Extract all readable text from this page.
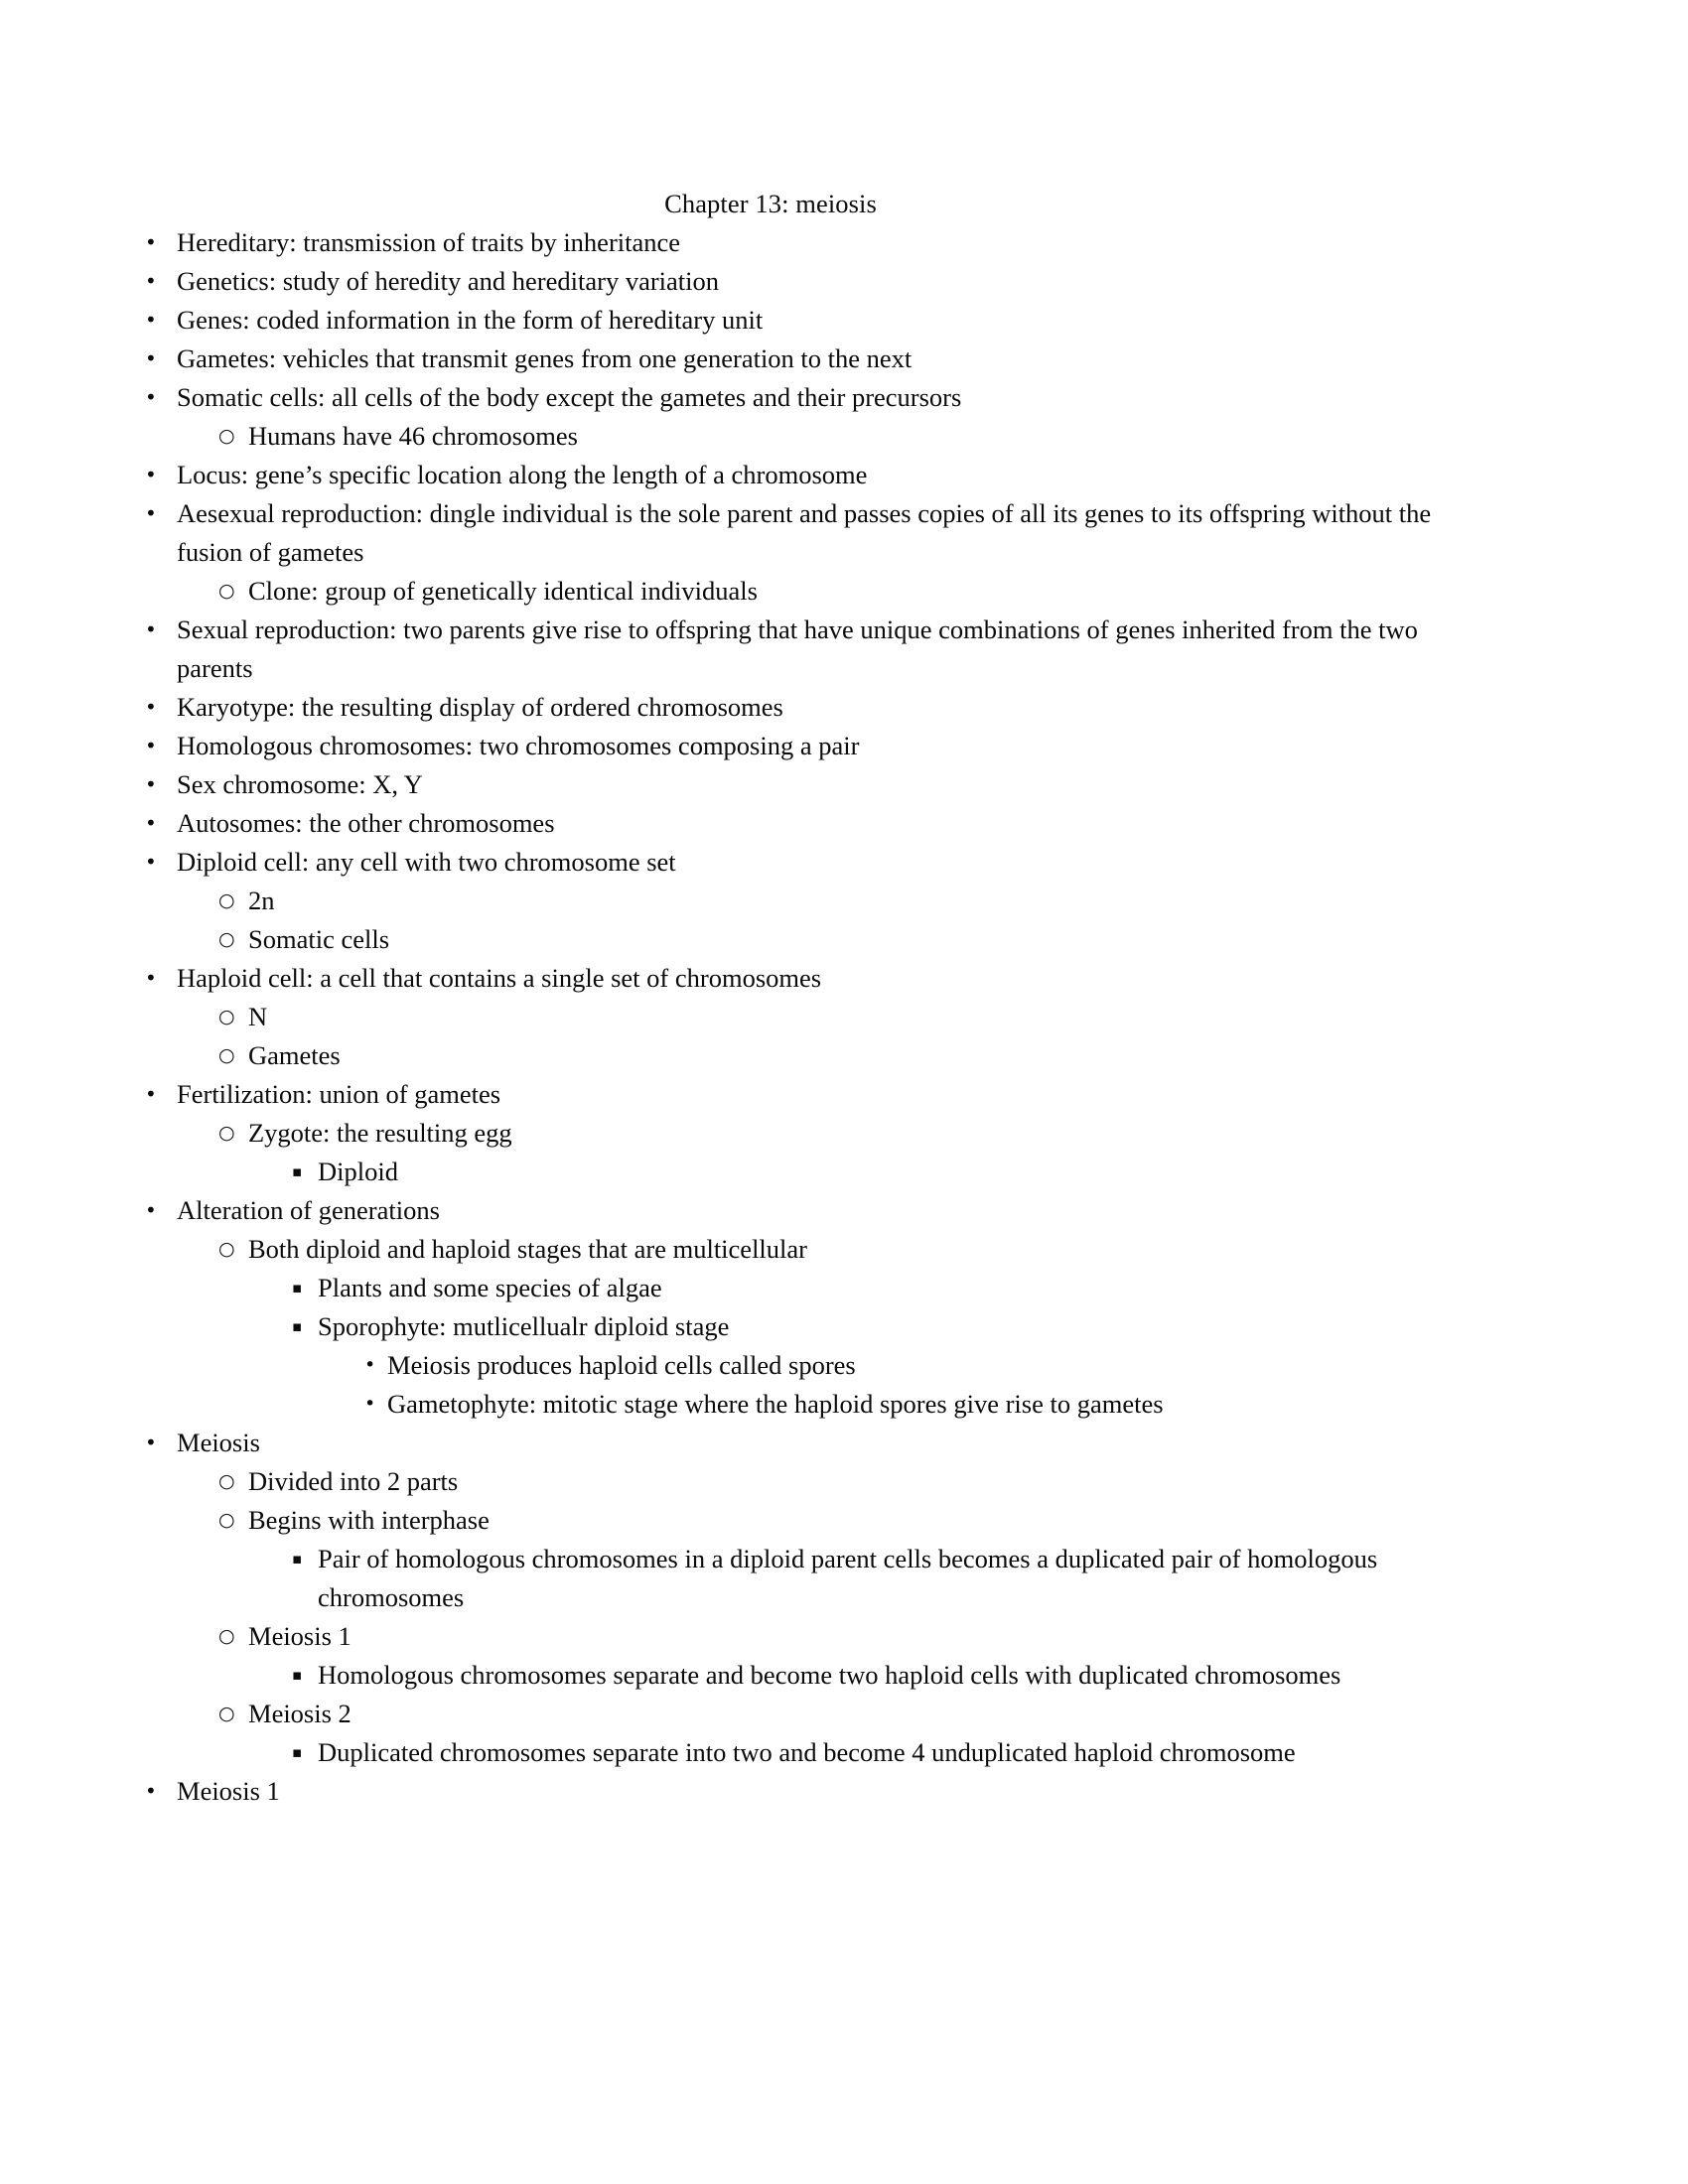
Chapter 13: meiosis
• Hereditary: transmission of traits by inheritance
• Genetics: study of heredity and hereditary variation
• Genes: coded information in the form of hereditary unit
• Gametes: vehicles that transmit genes from one generation to the next
• Somatic cells: all cells of the body except the gametes and their precursors
○ Humans have 46 chromosomes
• Locus: gene’s specific location along the length of a chromosome
• Aesexual reproduction: dingle individual is the sole parent and passes copies of all its genes to its offspring without the fusion of gametes
○ Clone: group of genetically identical individuals
• Sexual reproduction: two parents give rise to offspring that have unique combinations of genes inherited from the two parents
• Karyotype: the resulting display of ordered chromosomes
• Homologous chromosomes: two chromosomes composing a pair
• Sex chromosome: X, Y
• Autosomes: the other chromosomes
• Diploid cell: any cell with two chromosome set
○ 2n
○ Somatic cells
• Haploid cell: a cell that contains a single set of chromosomes
○ N
○ Gametes
• Fertilization: union of gametes
○ Zygote: the resulting egg
▪ Diploid
• Alteration of generations
○ Both diploid and haploid stages that are multicellular
▪ Plants and some species of algae
▪ Sporophyte: mutlicellualr diploid stage
• Meiosis produces haploid cells called spores
• Gametophyte: mitotic stage where the haploid spores give rise to gametes
• Meiosis
○ Divided into 2 parts
○ Begins with interphase
▪ Pair of homologous chromosomes in a diploid parent cells becomes a duplicated pair of homologous chromosomes
○ Meiosis 1
▪ Homologous chromosomes separate and become two haploid cells with duplicated chromosomes
○ Meiosis 2
▪ Duplicated chromosomes separate into two and become 4 unduplicated haploid chromosome
• Meiosis 1
